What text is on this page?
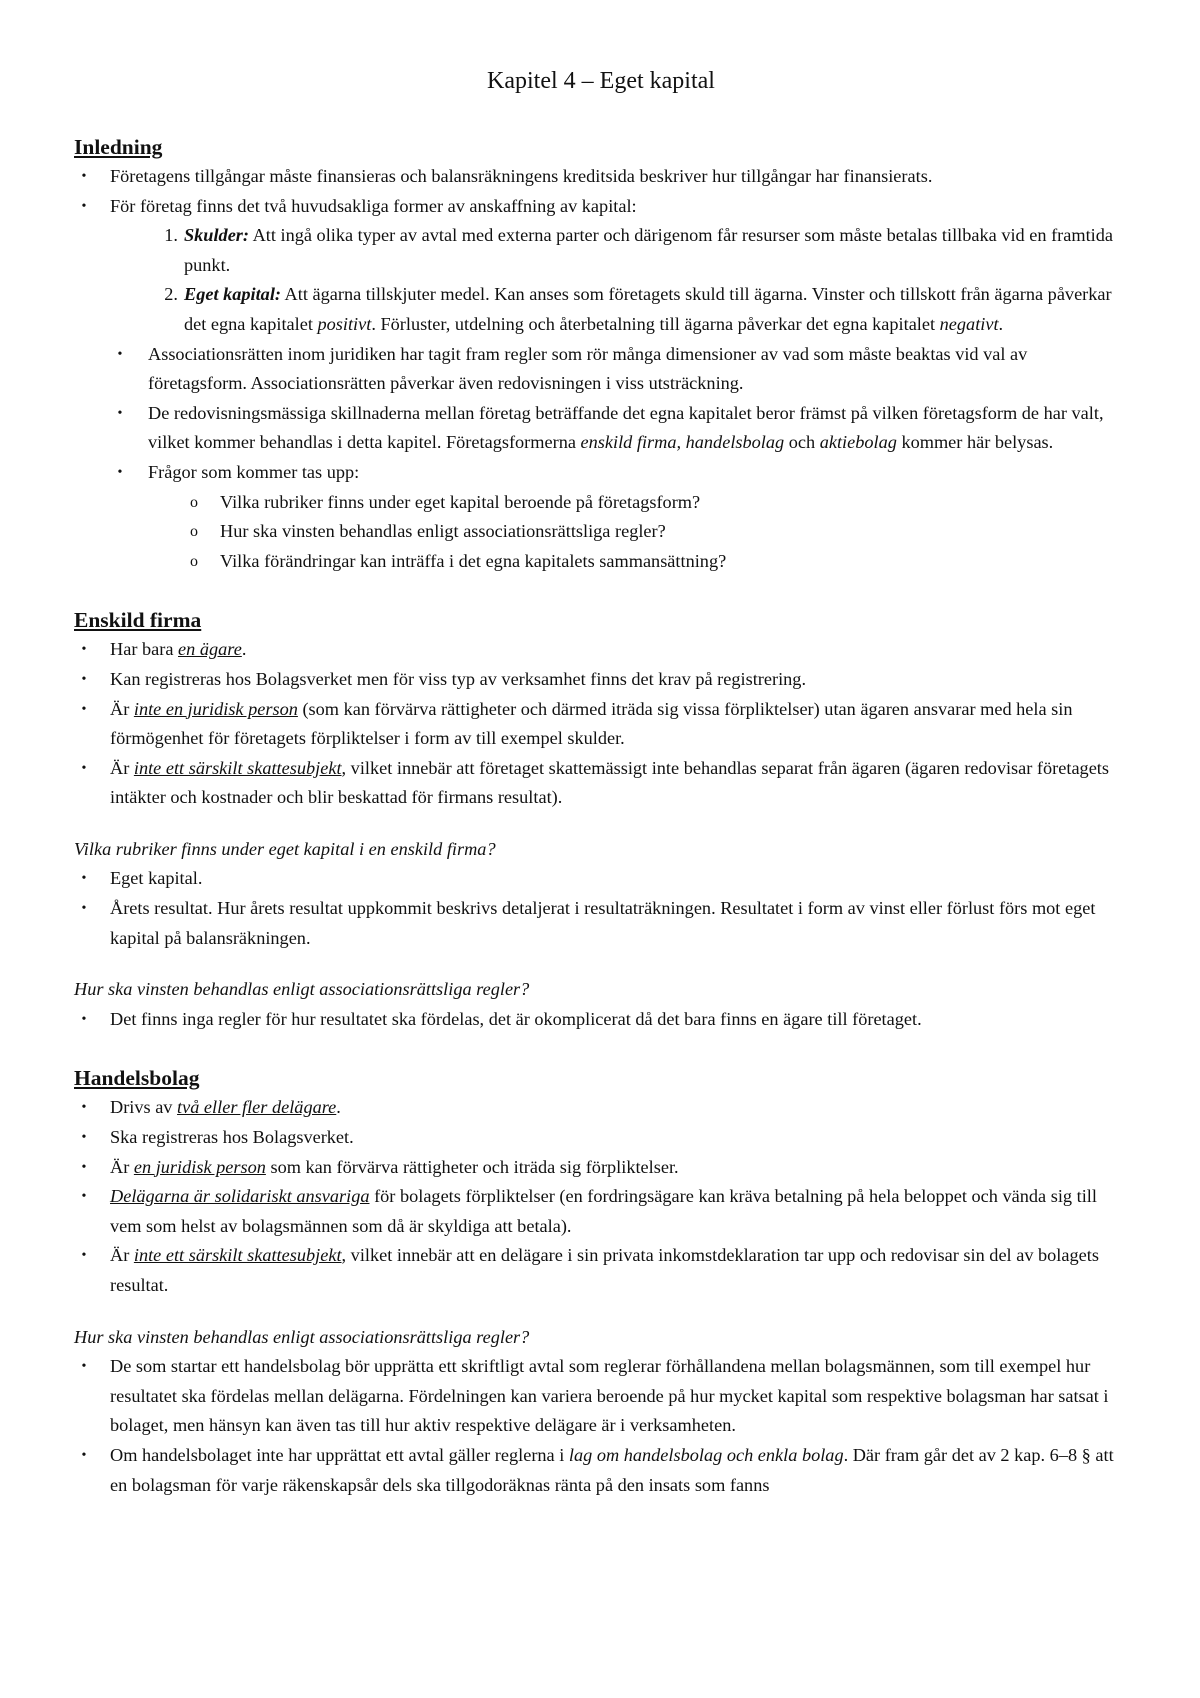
Kapitel 4 – Eget kapital
Inledning
•	Företagens tillgångar måste finansieras och balansräkningens kreditsida beskriver hur tillgångar har finansierats.
•	För företag finns det två huvudsakliga former av anskaffning av kapital:
1. Skulder: Att ingå olika typer av avtal med externa parter och därigenom får resurser som måste betalas tillbaka vid en framtida punkt.
2. Eget kapital: Att ägarna tillskjuter medel. Kan anses som företagets skuld till ägarna. Vinster och tillskott från ägarna påverkar det egna kapitalet positivt. Förluster, utdelning och återbetalning till ägarna påverkar det egna kapitalet negativt.
•	Associationsrätten inom juridiken har tagit fram regler som rör många dimensioner av vad som måste beaktas vid val av företagsform. Associationsrätten påverkar även redovisningen i viss utsträckning.
•	De redovisningsmässiga skillnaderna mellan företag beträffande det egna kapitalet beror främst på vilken företagsform de har valt, vilket kommer behandlas i detta kapitel. Företagsformerna enskild firma, handelsbolag och aktiebolag kommer här belysas.
•	Frågor som kommer tas upp:
o Vilka rubriker finns under eget kapital beroende på företagsform?
o Hur ska vinsten behandlas enligt associationsrättsliga regler?
o Vilka förändringar kan inträffa i det egna kapitalets sammansättning?
Enskild firma
•	Har bara en ägare.
•	Kan registreras hos Bolagsverket men för viss typ av verksamhet finns det krav på registrering.
•	Är inte en juridisk person (som kan förvärva rättigheter och därmed iträda sig vissa förpliktelser) utan ägaren ansvarar med hela sin förmögenhet för företagets förpliktelser i form av till exempel skulder.
•	Är inte ett särskilt skattesubjekt, vilket innebär att företaget skattemässigt inte behandlas separat från ägaren (ägaren redovisar företagets intäkter och kostnader och blir beskattad för firmans resultat).

Vilka rubriker finns under eget kapital i en enskild firma?

•	Eget kapital.
•	Årets resultat. Hur årets resultat uppkommit beskrivs detaljerat i resultaträkningen. Resultatet i form av vinst eller förlust förs mot eget kapital på balansräkningen.

Hur ska vinsten behandlas enligt associationsrättsliga regler?

•	Det finns inga regler för hur resultatet ska fördelas, det är okomplicerat då det bara finns en ägare till företaget.
Handelsbolag
•	Drivs av två eller fler delägare.
•	Ska registreras hos Bolagsverket.
•	Är en juridisk person som kan förvärva rättigheter och iträda sig förpliktelser.
•	Delägarna är solidariskt ansvariga för bolagets förpliktelser (en fordringsägare kan kräva betalning på hela beloppet och vända sig till vem som helst av bolagsmännen som då är skyldiga att betala).
•	Är inte ett särskilt skattesubjekt, vilket innebär att en delägare i sin privata inkomstdeklaration tar upp och redovisar sin del av bolagets resultat.

Hur ska vinsten behandlas enligt associationsrättsliga regler?

•	De som startar ett handelsbolag bör upprätta ett skriftligt avtal som reglerar förhållandena mellan bolagsmännen, som till exempel hur resultatet ska fördelas mellan delägarna. Fördelningen kan variera beroende på hur mycket kapital som respektive bolagsman har satsat i bolaget, men hänsyn kan även tas till hur aktiv respektive delägare är i verksamheten.
•	Om handelsbolaget inte har upprättat ett avtal gäller reglerna i lag om handelsbolag och enkla bolag. Där fram går det av 2 kap. 6–8 § att en bolagsman för varje räkenskapsår dels ska tillgodoräknas ränta på den insats som fanns
